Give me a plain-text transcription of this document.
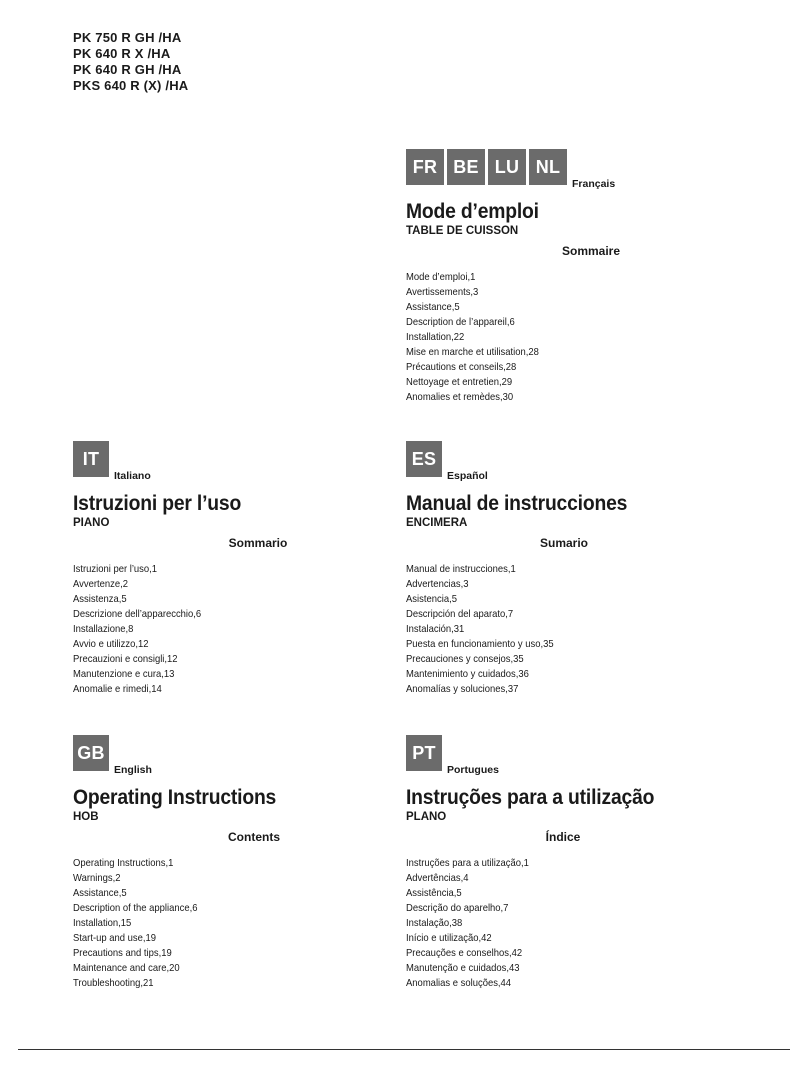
PK 750 R GH /HA
PK 640 R X /HA
PK 640 R GH /HA
PKS 640 R (X) /HA
FR BE LU NL
Français
Mode d’emploi
TABLE DE CUISSON
Sommaire
Mode d’emploi,1
Avertissements,3
Assistance,5
Description de l’appareil,6
Installation,22
Mise en marche et utilisation,28
Précautions et conseils,28
Nettoyage et entretien,29
Anomalies et remèdes,30
IT
Italiano
Istruzioni per l’uso
PIANO
Sommario
Istruzioni per l’uso,1
Avvertenze,2
Assistenza,5
Descrizione dell’apparecchio,6
Installazione,8
Avvio e utilizzo,12
Precauzioni e consigli,12
Manutenzione e cura,13
Anomalie e rimedi,14
ES
Español
Manual de instrucciones
ENCIMERA
Sumario
Manual de instrucciones,1
Advertencias,3
Asistencia,5
Descripción del aparato,7
Instalación,31
Puesta en funcionamiento y uso,35
Precauciones y consejos,35
Mantenimiento y cuidados,36
Anomalías y soluciones,37
GB
English
Operating Instructions
HOB
Contents
Operating Instructions,1
Warnings,2
Assistance,5
Description of the appliance,6
Installation,15
Start-up and use,19
Precautions and tips,19
Maintenance and care,20
Troubleshooting,21
PT
Portugues
Instruções para a utilização
PLANO
Índice
Instruções para a utilização,1
Advertências,4
Assistência,5
Descrição do aparelho,7
Instalação,38
Início e utilização,42
Precauções e conselhos,42
Manutenção e cuidados,43
Anomalias e soluções,44
